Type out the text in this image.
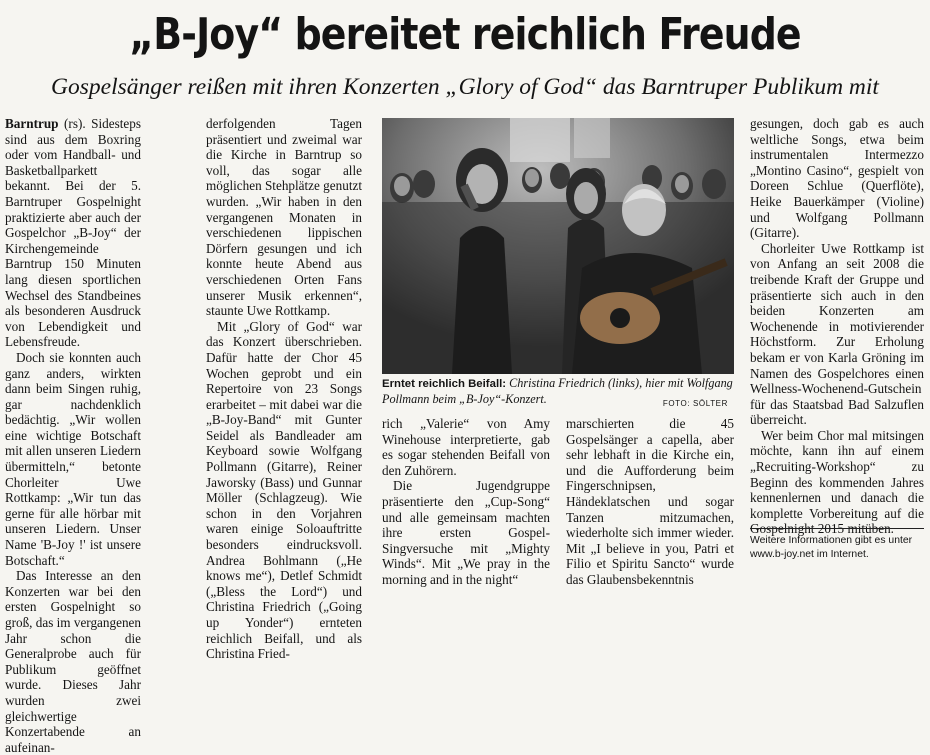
„B-Joy“ bereitet reichlich Freude
Gospelsänger reißen mit ihren Konzerten „Glory of God“ das Barntruper Publikum mit

Barntrup (rs). Sidesteps sind aus dem Boxring oder vom Handball- und Basketballparkett bekannt. Bei der 5. Barntruper Gospelnight praktizierte aber auch der Gospelchor „B-Joy“ der Kirchengemeinde Barntrup 150 Minuten lang diesen sportlichen Wechsel des Standbeines als besonderen Ausdruck von Lebendigkeit und Lebensfreude.

Doch sie konnten auch ganz anders, wirkten dann beim Singen ruhig, gar nachdenklich bedächtig. „Wir wollen eine wichtige Botschaft mit allen unseren Liedern übermitteln,“ betonte Chorleiter Uwe Rottkamp: „Wir tun das gerne für alle hörbar mit unseren Liedern. Unser Name 'B-Joy !' ist unsere Botschaft.“

Das Interesse an den Konzerten war bei den ersten Gospelnight so groß, das im vergangenen Jahr schon die Generalprobe auch für Publikum geöffnet wurde. Dieses Jahr wurden zwei gleichwertige Konzertabende an aufeinan-

derfolgenden Tagen präsentiert und zweimal war die Kirche in Barntrup so voll, das sogar alle möglichen Stehplätze genutzt wurden. „Wir haben in den vergangenen Monaten in verschiedenen lippischen Dörfern gesungen und ich konnte heute Abend aus verschiedenen Orten Fans unserer Musik erkennen“, staunte Uwe Rottkamp.

Mit „Glory of God“ war das Konzert überschrieben. Dafür hatte der Chor 45 Wochen geprobt und ein Repertoire von 23 Songs erarbeitet – mit dabei war die „B-Joy-Band“ mit Gunter Seidel als Bandleader am Keyboard sowie Wolfgang Pollmann (Gitarre), Reiner Jaworsky (Bass) und Gunnar Möller (Schlagzeug). Wie schon in den Vorjahren waren einige Soloauftritte besonders eindrucksvoll. Andrea Bohlmann („He knows me“), Detlef Schmidt („Bless the Lord“) und Christina Friedrich („Going up Yonder“) ernteten reichlich Beifall, und als Christina Fried-

Erntet reichlich Beifall: Christina Friedrich (links), hier mit Wolfgang Pollmann beim „B-Joy“-Konzert.	FOTO: SÖLTER

rich „Valerie“ von Amy Winehouse interpretierte, gab es sogar stehenden Beifall von den Zuhörern.

Die Jugendgruppe präsentierte den „Cup-Song“ und alle gemeinsam machten ihre ersten Gospel-Singversuche mit „Mighty Winds“. Mit „We pray in the morning and in the night“

marschierten die 45 Gospelsänger a capella, aber sehr lebhaft in die Kirche ein, und die Aufforderung beim Fingerschnipsen, Händeklatschen und sogar Tanzen mitzumachen, wiederholte sich immer wieder. Mit „I believe in you, Patri et Filio et Spiritu Sancto“ wurde das Glaubensbekenntnis

gesungen, doch gab es auch weltliche Songs, etwa beim instrumentalen Intermezzo „Montino Casino“, gespielt von Doreen Schlue (Querflöte), Heike Bauerkämper (Violine) und Wolfgang Pollmann (Gitarre).

Chorleiter Uwe Rottkamp ist von Anfang an seit 2008 die treibende Kraft der Gruppe und präsentierte sich auch in den beiden Konzerten am Wochenende in motivierender Höchstform. Zur Erholung bekam er von Karla Gröning im Namen des Gospelchores einen Wellness-Wochenend-Gutschein für das Staatsbad Bad Salzuflen überreicht.

Wer beim Chor mal mitsingen möchte, kann ihn auf einem „Recruiting-Workshop“ zu Beginn des kommenden Jahres kennenlernen und danach die komplette Vorbereitung auf die Gospelnight 2015 mitüben.

Weitere Informationen gibt es unter
www.b-joy.net im Internet.
